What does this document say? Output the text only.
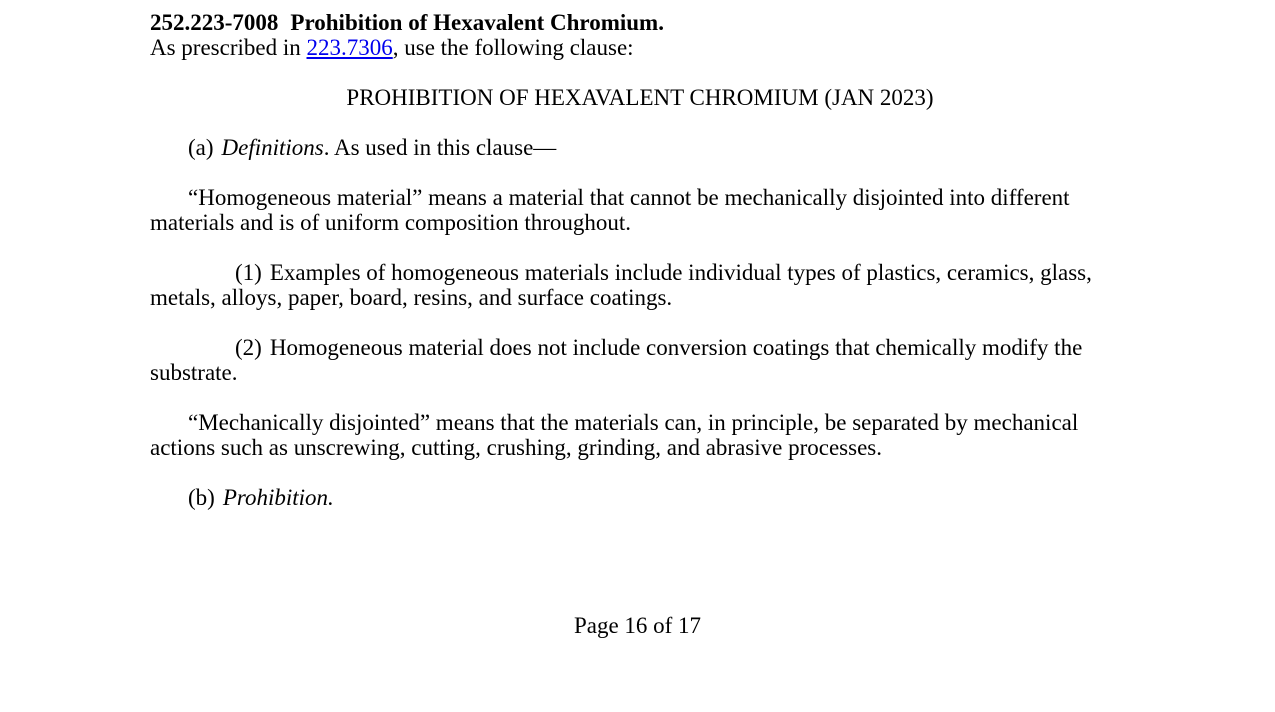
252.223-7008 Prohibition of Hexavalent Chromium.

As prescribed in 223.7306, use the following clause:

PROHIBITION OF HEXAVALENT CHROMIUM (JAN 2023)

(a) Definitions. As used in this clause—

“Homogeneous material” means a material that cannot be mechanically disjointed into different materials and is of uniform composition throughout.

(1) Examples of homogeneous materials include individual types of plastics, ceramics, glass, metals, alloys, paper, board, resins, and surface coatings.

(2) Homogeneous material does not include conversion coatings that chemically modify the substrate.

“Mechanically disjointed” means that the materials can, in principle, be separated by mechanical actions such as unscrewing, cutting, crushing, grinding, and abrasive processes.

(b) Prohibition.

Page 16 of 17
